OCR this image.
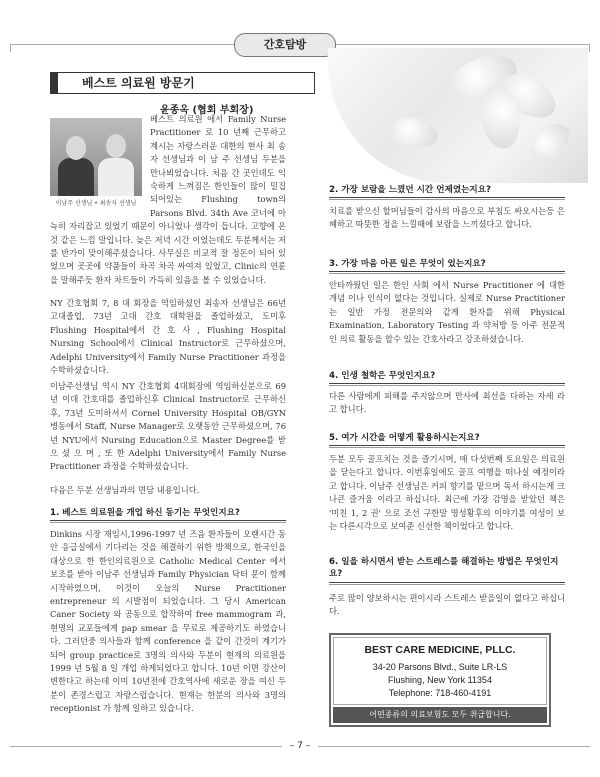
간호탐방
베스트 의료원 방문기
윤종옥 (협회 부회장)
이남주 선생님 • 최송자 선생님
베스트 의료원 에서 Family Nurse Practitioner 로 10 년째 근무하고 계시는 자랑스러운 대한의 현사 최 송 자 선생님과 이 남 주 선생님 두분을 만나뵈었습니다. 처음 간 곳인데도 익숙하게 느껴짐은 한인들이 많이 밀집 되어있는 Flushing town의 Parsons Blvd. 34th Ave 코너에 아늑히 자리잡고 있었기 때문이 아니었나 생각이 듭니다. 고향에 온것 같은 느낌 말입니다. 늦은 저녁 시간 이었는데도 두분께서는 저를 반가이 맞이해주셨습니다. 사무실은 비교적 잘 정돈이 되어 있었으며 곳곳에 약품들이 차곡 차곡 싸여져 있었고, Clinic의 연륜을 말해주듯 환자 차트들이 가득히 있음을 볼 수 있었습니다.
NY 간호협회 7, 8 대 회장을 역임하셨던 최송자 선생님은 66년 고대졸업, 73년 고대 간호 대학원을 졸업하셨고, 도미후 Flushing Hospital에서 간 호 사 , Flushing Hospital Nursing School에서 Clinical Instructor로 근무하셨으며, Adelphi University에서 Family Nurse Practitioner 과정을 수학하셨습니다.
이남주선생님 역시 NY 간호협회 4대회장에 역임하신분으로 69년 이대 간호대를 졸업하신후 Clinical Instructor로 근무하신후, 73년 도미하셔서 Cornel University Hospital OB/GYN 병동에서 Staff, Nurse Manager로 오랫동안 근무하셨으며, 76년 NYU에서 Nursing Education으로 Master Degree를 받 으 셨 으 며 , 또 한 Adelphi University에서 Family Nurse Practitioner 과정을 수학하셨습니다.
다음은 두분 선생님과의 면담 내용입니다.
1. 베스트 의료원을 개업 하신 동기는 무엇인지요?
Dinkins 시장 재임시,1996-1997 년 즈음 환자들이 오랜시간 동안 응급실에서 기다리는 것을 해결하기 위한 방책으로, 한국인을 대상으로 한 한인의료원으로 Catholic Medical Center 에서 보조를 받아 이남주 선생님과 Family Physician 닥터 문이 함께 시작하였으며, 이것이 오늘의 Nurse Practitioner entrepreneur 의 시발점이 되었습니다. 그 당시 American Caner Society 와 공동으로 합작하여 free mammogram 과, 현명의 교포들에게 pap smear 을 무료로 제공하기도 하였습니다. 그러던중 의사들과 함께 conference 을 같이 간것이 계기가 되어 group practice로 3명의 의사와 두분이 현재의 의료원을 1999 년 5월 8 일 개업 하게되었다고 합니다. 10년 이면 강산이 변한다고 하는데 이미 10년전에 간호역사에 새로운 장을 여신 두분이 존경스럽고 자랑스럽습니다. 현재는 한분의 의사와 3명의 receptionist 가 함께 일하고 있습니다.
2. 가장 보람을 느꼈던 시간 언제였는지요?
치료를 받으신 할머님들이 감사의 마음으로 부침도 싸오시는등 은혜하고 따뜻한 정을 느낄때에 보람을 느끼셨다고 합니다.
3. 가장 마음 아픈 일은 무엇이 었는지요?
안타까웠던 일은 한인 사회 에서 Nurse Practitioner 에 대한 개념 이나 인식이 없다는 것입니다. 실제로 Nurse Practitioner는 일반 가정 전문의와 같게 환자를 위해 Physical Examination, Laboratory Testing 과 약처방 등 아주 전문적인 의료 활동을 할수 있는 간호사라고 강조하셨습니다.
4. 인생 철학은 무엇인지요?
다른 사람에게 피해를 주지않으며 만사에 최선을 다하는 자세 라고 합니다.
5. 여가 시간을 어떻게 활용하시는지요?
두분 모두 골프치는 것을 즐기시며, 매 다섯번째 토요일은 의료원 을 닫는다고 합니다. 이번휴일에도 골프 여행을 떠나실 예정이라고 합니다. 이남주 선생님은 커피 향기를 맡으며 독서 하시는게 크나큰 즐거움 이라고 하십니다. 최근에 가장 감명을 받았던 책은 '미친 1, 2 권' 으로 조선 구한말 명성황후의 이야기를 여성이 보는 다른시각으로 보여준 신선한 책이었다고 합니다.
6. 일을 하시면서 받는 스트레스를 해결하는 방법은 무엇인지요?
주로 많이 양보하시는 편이시라 스트레스 받을일이 없다고 하십니다.
BEST CARE MEDICINE, PLLC.
34-20 Parsons Blvd., Suite LR-LS
Flushing, New York 11354
Telephone: 718-460-4191
어떤종류의 의료보험도 모두 취급합니다.
– 7 –
